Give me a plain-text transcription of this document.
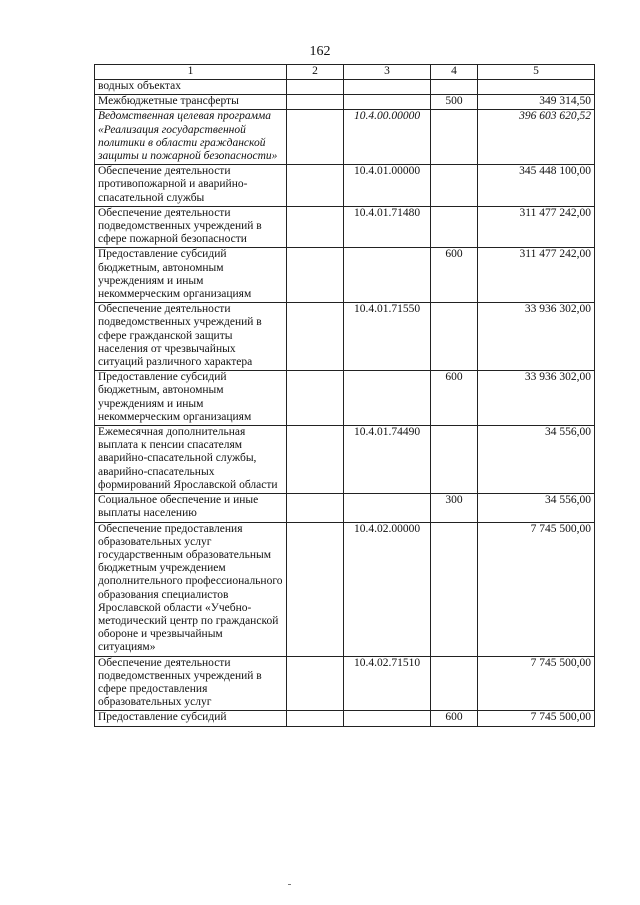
162
1	2	3	4	5
водных объектах				
Межбюджетные трансферты			500	349 314,50
Ведомственная целевая программа «Реализация государственной политики в области гражданской защиты и пожарной безопасности»		10.4.00.00000		396 603 620,52
Обеспечение деятельности противопожарной и аварийно-спасательной службы		10.4.01.00000		345 448 100,00
Обеспечение деятельности подведомственных учреждений в сфере пожарной безопасности		10.4.01.71480		311 477 242,00
Предоставление субсидий бюджетным, автономным учреждениям и иным некоммерческим организациям			600	311 477 242,00
Обеспечение деятельности подведомственных учреждений в сфере гражданской защиты населения от чрезвычайных ситуаций различного характера		10.4.01.71550		33 936 302,00
Предоставление субсидий бюджетным, автономным учреждениям и иным некоммерческим организациям			600	33 936 302,00
Ежемесячная дополнительная выплата к пенсии спасателям аварийно-спасательной службы, аварийно-спасательных формирований Ярославской области		10.4.01.74490		34 556,00
Социальное обеспечение и иные выплаты населению			300	34 556,00
Обеспечение предоставления образовательных услуг государственным образовательным бюджетным учреждением дополнительного профессионального образования специалистов Ярославской области «Учебно-методический центр по гражданской обороне и чрезвычайным ситуациям»		10.4.02.00000		7 745 500,00
Обеспечение деятельности подведомственных учреждений в сфере предоставления образовательных услуг		10.4.02.71510		7 745 500,00
Предоставление субсидий			600	7 745 500,00
